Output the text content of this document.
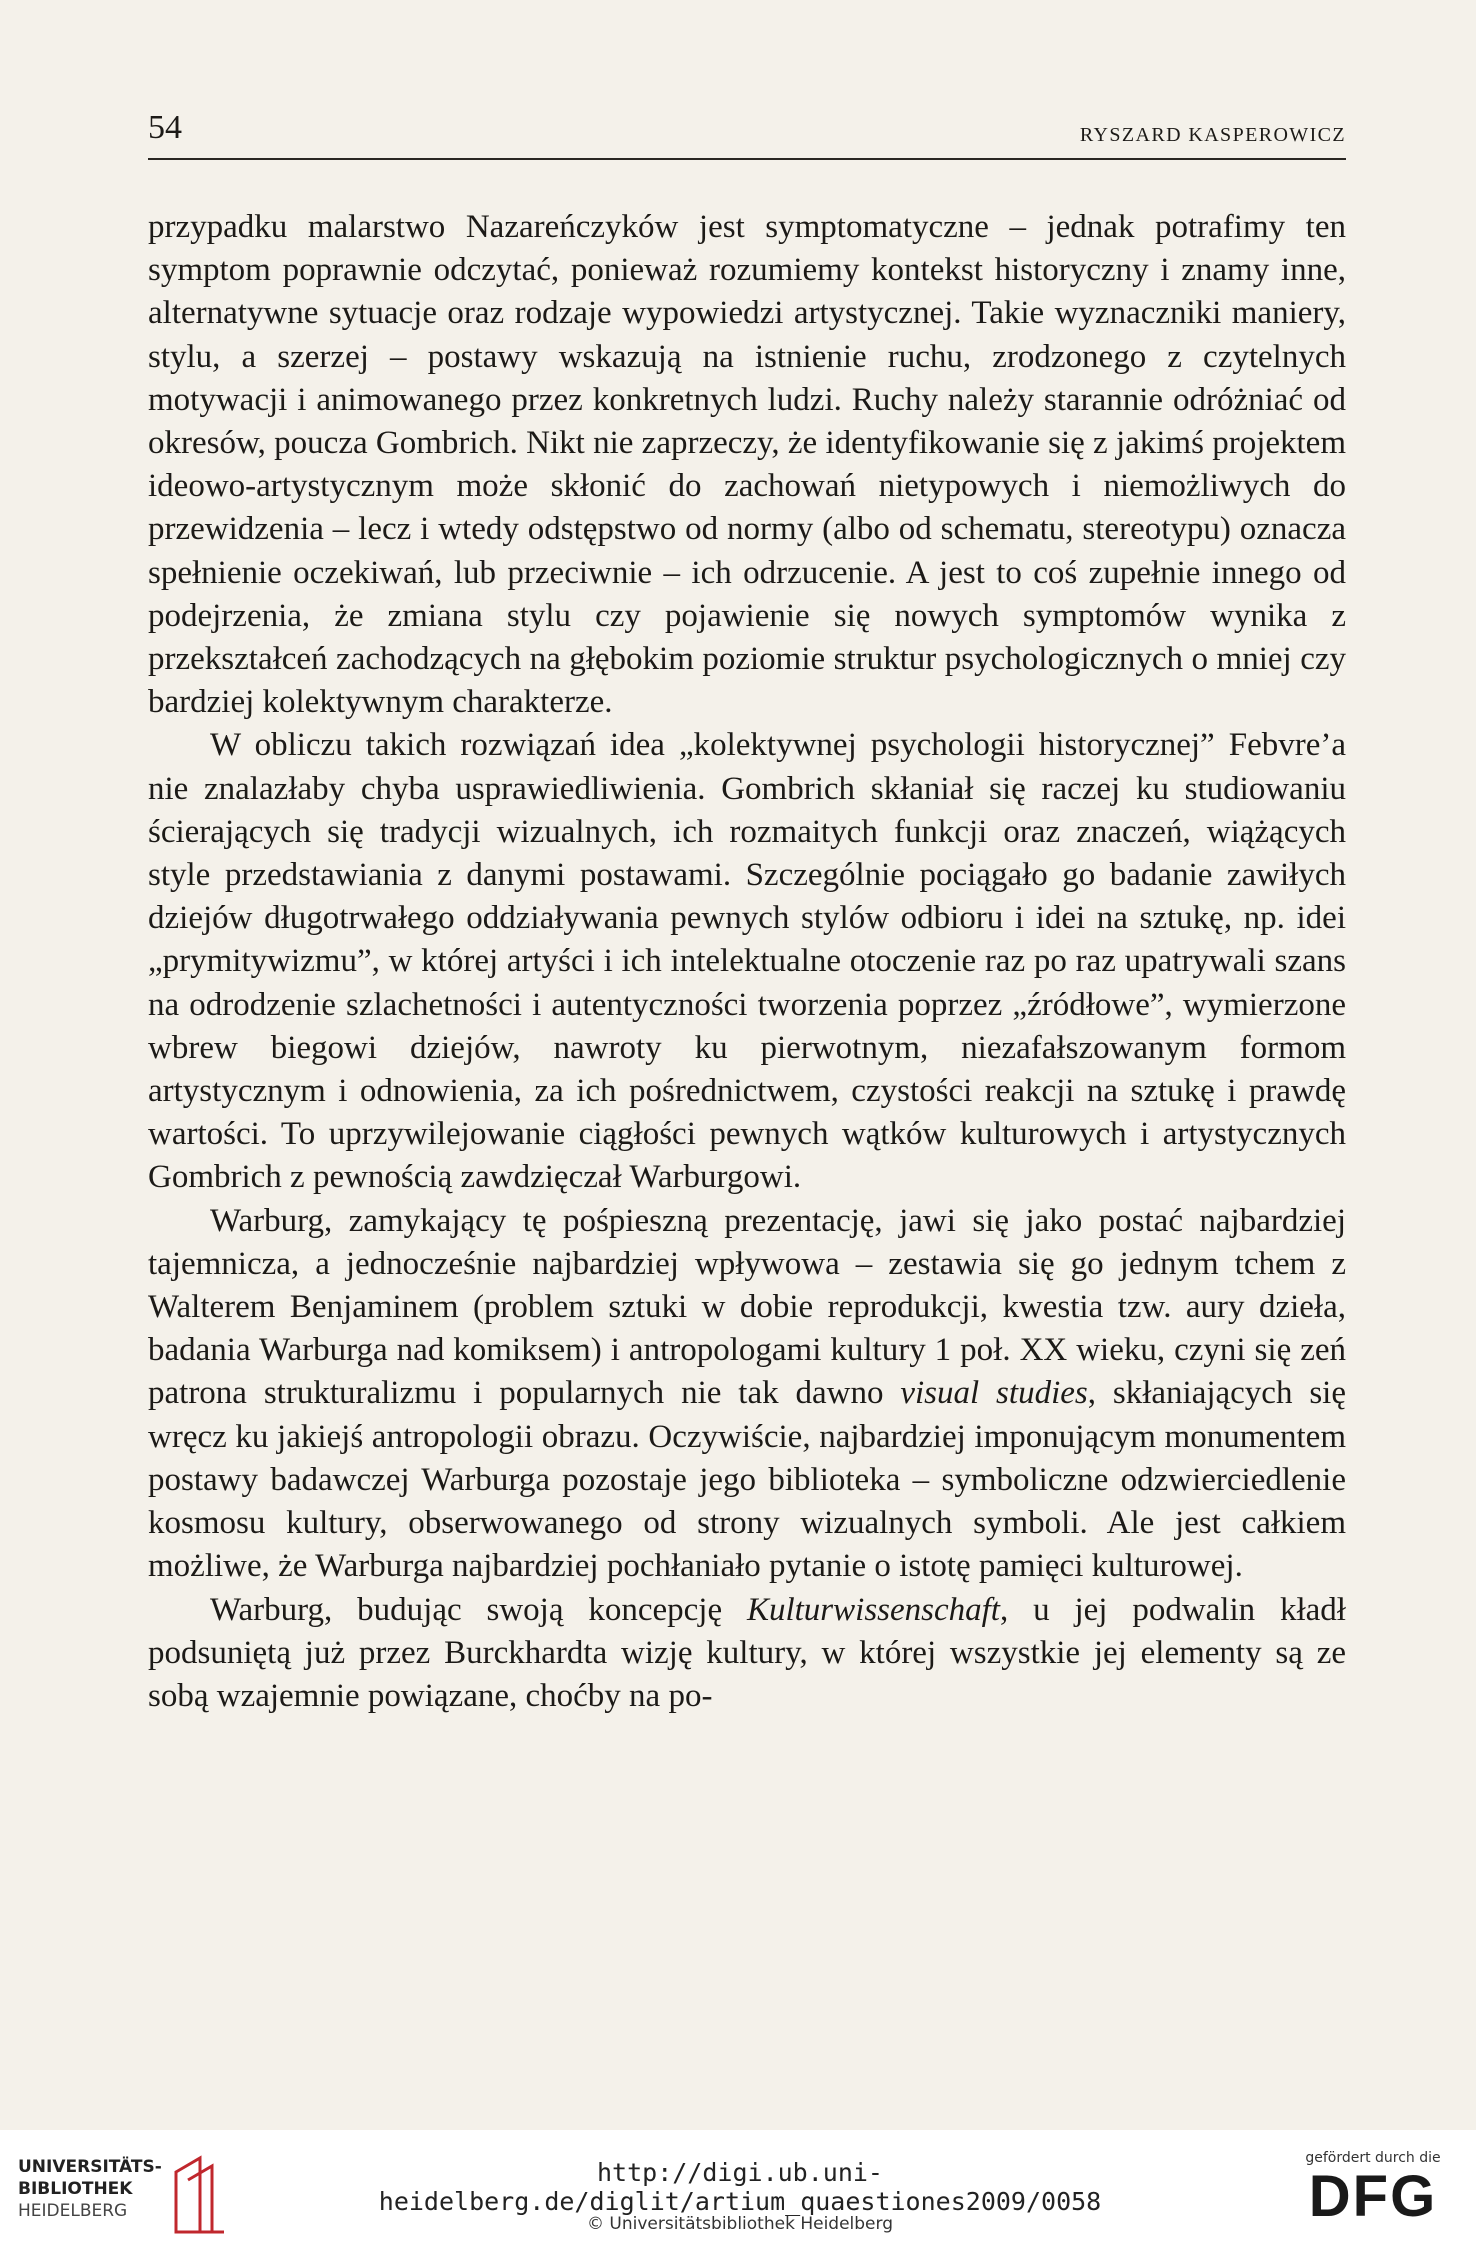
54	RYSZARD KASPEROWICZ

przypadku malarstwo Nazareńczyków jest symptomatyczne – jednak potrafimy ten symptom poprawnie odczytać, ponieważ rozumiemy kontekst historyczny i znamy inne, alternatywne sytuacje oraz rodzaje wypowiedzi artystycznej. Takie wyznaczniki maniery, stylu, a szerzej – postawy wskazują na istnienie ruchu, zrodzonego z czytelnych motywacji i animowanego przez konkretnych ludzi. Ruchy należy starannie odróżniać od okresów, poucza Gombrich. Nikt nie zaprzeczy, że identyfikowanie się z jakimś projektem ideowo-artystycznym może skłonić do zachowań nietypowych i niemożliwych do przewidzenia – lecz i wtedy odstępstwo od normy (albo od schematu, stereotypu) oznacza spełnienie oczekiwań, lub przeciwnie – ich odrzucenie. A jest to coś zupełnie innego od podejrzenia, że zmiana stylu czy pojawienie się nowych symptomów wynika z przekształceń zachodzących na głębokim poziomie struktur psychologicznych o mniej czy bardziej kolektywnym charakterze.

W obliczu takich rozwiązań idea „kolektywnej psychologii historycznej” Febvre’a nie znalazłaby chyba usprawiedliwienia. Gombrich skłaniał się raczej ku studiowaniu ścierających się tradycji wizualnych, ich rozmaitych funkcji oraz znaczeń, wiążących style przedstawiania z danymi postawami. Szczególnie pociągało go badanie zawiłych dziejów długotrwałego oddziaływania pewnych stylów odbioru i idei na sztukę, np. idei „prymitywizmu”, w której artyści i ich intelektualne otoczenie raz po raz upatrywali szans na odrodzenie szlachetności i autentyczności tworzenia poprzez „źródłowe”, wymierzone wbrew biegowi dziejów, nawroty ku pierwotnym, niezafałszowanym formom artystycznym i odnowienia, za ich pośrednictwem, czystości reakcji na sztukę i prawdę wartości. To uprzywilejowanie ciągłości pewnych wątków kulturowych i artystycznych Gombrich z pewnością zawdzięczał Warburgowi.

Warburg, zamykający tę pośpieszną prezentację, jawi się jako postać najbardziej tajemnicza, a jednocześnie najbardziej wpływowa – zestawia się go jednym tchem z Walterem Benjaminem (problem sztuki w dobie reprodukcji, kwestia tzw. aury dzieła, badania Warburga nad komiksem) i antropologami kultury 1 poł. XX wieku, czyni się zeń patrona strukturalizmu i popularnych nie tak dawno visual studies, skłaniających się wręcz ku jakiejś antropologii obrazu. Oczywiście, najbardziej imponującym monumentem postawy badawczej Warburga pozostaje jego biblioteka – symboliczne odzwierciedlenie kosmosu kultury, obserwowanego od strony wizualnych symboli. Ale jest całkiem możliwe, że Warburga najbardziej pochłaniało pytanie o istotę pamięci kulturowej.

Warburg, budując swoją koncepcję Kulturwissenschaft, u jej podwalin kładł podsuniętą już przez Burckhardta wizję kultury, w której wszystkie jej elementy są ze sobą wzajemnie powiązane, choćby na po-

UNIVERSITÄTS-
BIBLIOTHEK
HEIDELBERG
http://digi.ub.uni-heidelberg.de/diglit/artium_quaestiones2009/0058
© Universitätsbibliothek Heidelberg
gefördert durch die
DFG
